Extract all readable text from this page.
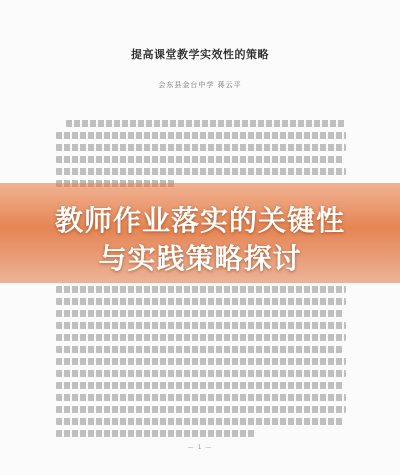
提高课堂教学实效性的策略
会东县金台中学 蒋云平
— 1 —
教师作业落实的关键性
与实践策略探讨
